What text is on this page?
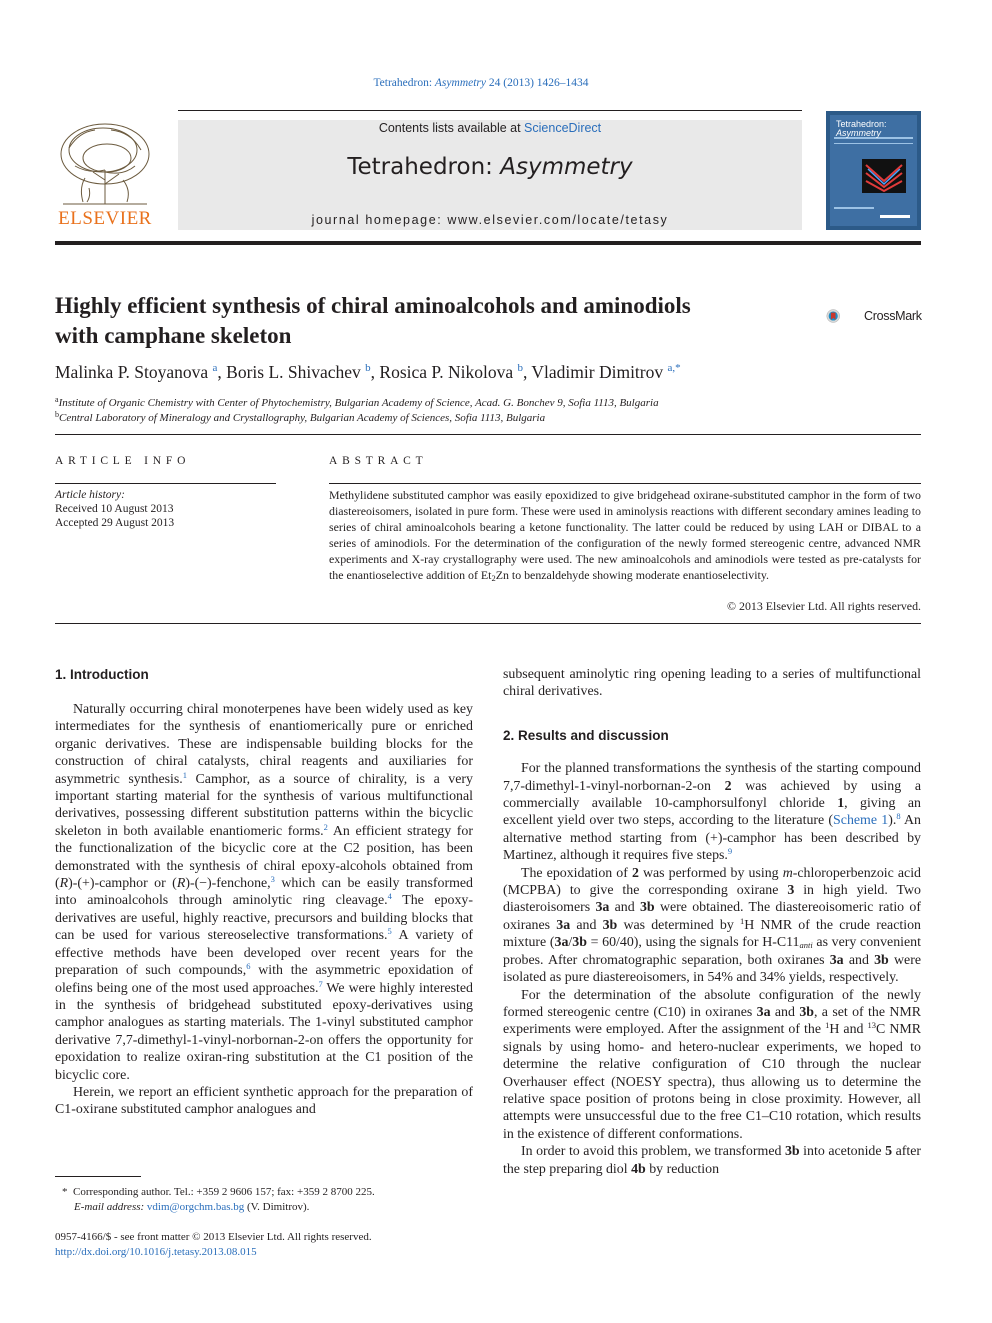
Tetrahedron: Asymmetry 24 (2013) 1426–1434
ELSEVIER
Contents lists available at ScienceDirect
Tetrahedron: Asymmetry
journal homepage: www.elsevier.com/locate/tetasy
Tetrahedron:
Asymmetry
Highly efficient synthesis of chiral aminoalcohols and aminodiols
with camphane skeleton
CrossMark
Malinka P. Stoyanova $^a$, Boris L. Shivachev $^b$, Rosica P. Nikolova $^b$, Vladimir Dimitrov $^{a,*}$
$^a$Institute of Organic Chemistry with Center of Phytochemistry, Bulgarian Academy of Science, Acad. G. Bonchev 9, Sofia 1113, Bulgaria
$^b$Central Laboratory of Mineralogy and Crystallography, Bulgarian Academy of Sciences, Sofia 1113, Bulgaria
ARTICLE INFO
Article history:
Received 10 August 2013
Accepted 29 August 2013
ABSTRACT
Methylidene substituted camphor was easily epoxidized to give bridgehead oxirane-substituted camphor in the form of two diastereoisomers, isolated in pure form. These were used in aminolysis reactions with different secondary amines leading to series of chiral aminoalcohols bearing a ketone functionality. The latter could be reduced by using LAH or DIBAL to a series of aminodiols. For the determination of the configuration of the newly formed stereogenic centre, advanced NMR experiments and X-ray crystallography were used. The new aminoalcohols and aminodiols were tested as pre-catalysts for the enantioselective addition of $Et_2Zn$ to benzaldehyde showing moderate enantioselectivity.
© 2013 Elsevier Ltd. All rights reserved.
1. Introduction

Naturally occurring chiral monoterpenes have been widely used as key intermediates for the synthesis of enantiomerically pure or enriched organic derivatives. These are indispensable building blocks for the construction of chiral catalysts, chiral reagents and auxiliaries for asymmetric synthesis.$^1$ Camphor, as a source of chirality, is a very important starting material for the synthesis of various multifunctional derivatives, possessing different substitution patterns within the bicyclic skeleton in both available enantiomeric forms.$^2$ An efficient strategy for the functionalization of the bicyclic core at the C2 position, has been demonstrated with the synthesis of chiral epoxy-alcohols obtained from (R)-(+)-camphor or (R)-(−)-fenchone,$^3$ which can be easily transformed into aminoalcohols through aminolytic ring cleavage.$^4$ The epoxy-derivatives are useful, highly reactive, precursors and building blocks that can be used for various stereoselective transformations.$^5$ A variety of effective methods have been developed over recent years for the preparation of such compounds,$^6$ with the asymmetric epoxidation of olefins being one of the most used approaches.$^7$ We were highly interested in the synthesis of bridgehead substituted epoxy-derivatives using camphor analogues as starting materials. The 1-vinyl substituted camphor derivative 7,7-dimethyl-1-vinyl-norbornan-2-on offers the opportunity for epoxidation to realize oxiran-ring substitution at the C1 position of the bicyclic core.

Herein, we report an efficient synthetic approach for the preparation of C1-oxirane substituted camphor analogues and

* Corresponding author. Tel.: +359 2 9606 157; fax: +359 2 8700 225.
E-mail address: vdim@orgchm.bas.bg (V. Dimitrov).
0957-4166/$ - see front matter © 2013 Elsevier Ltd. All rights reserved.
http://dx.doi.org/10.1016/j.tetasy.2013.08.015

subsequent aminolytic ring opening leading to a series of multifunctional chiral derivatives.

2. Results and discussion

For the planned transformations the synthesis of the starting compound 7,7-dimethyl-1-vinyl-norbornan-2-on 2 was achieved by using a commercially available 10-camphorsulfonyl chloride 1, giving an excellent yield over two steps, according to the literature (Scheme 1).$^8$ An alternative method starting from (+)-camphor has been described by Martinez, although it requires five steps.$^9$

The epoxidation of 2 was performed by using m-chloroperbenzoic acid (MCPBA) to give the corresponding oxirane 3 in high yield. Two diasteroisomers 3a and 3b were obtained. The diastereoisomeric ratio of oxiranes 3a and 3b was determined by $^1$H NMR of the crude reaction mixture (3a/3b = 60/40), using the signals for $H-C11_{anti}$ as very convenient probes. After chromatographic separation, both oxiranes 3a and 3b were isolated as pure diastereoisomers, in 54% and 34% yields, respectively.

For the determination of the absolute configuration of the newly formed stereogenic centre (C10) in oxiranes 3a and 3b, a set of the NMR experiments were employed. After the assignment of the $^1$H and $^{13}$C NMR signals by using homo- and hetero-nuclear experiments, we hoped to determine the relative configuration of C10 through the nuclear Overhauser effect (NOESY spectra), thus allowing us to determine the relative space position of protons being in close proximity. However, all attempts were unsuccessful due to the free C1–C10 rotation, which results in the existence of different conformations.

In order to avoid this problem, we transformed 3b into acetonide 5 after the step preparing diol 4b by reduction
